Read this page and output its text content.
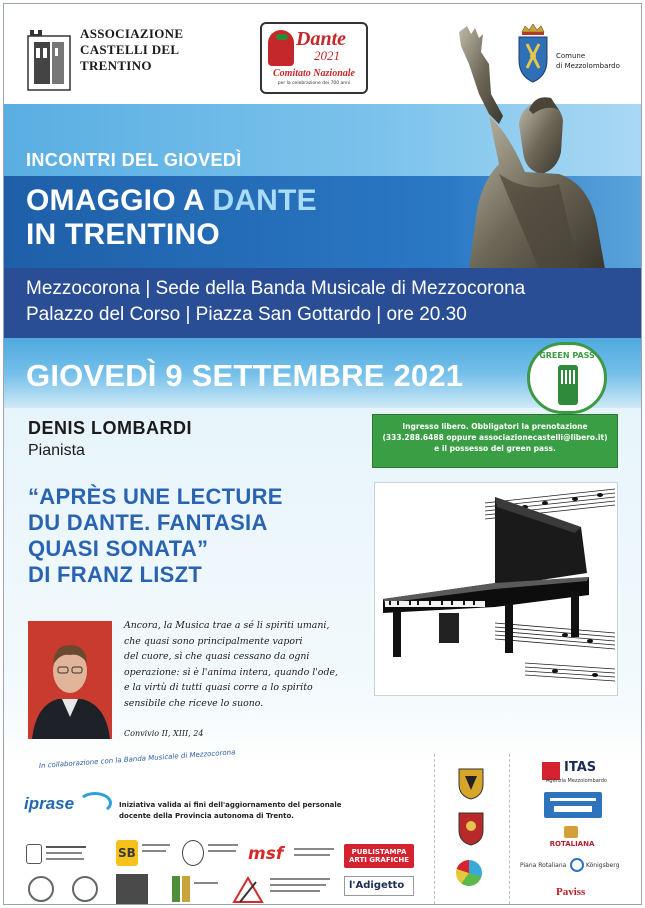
ASSOCIAZIONE
CASTELLI DEL
TRENTINO
Dante
2021
Comitato Nazionale
per la celebrazione dei 700 anni
Comune
di Mezzolombardo
INCONTRI DEL GIOVEDÌ
OMAGGIO A DANTE
IN TRENTINO
Mezzocorona | Sede della Banda Musicale di Mezzocorona
Palazzo del Corso | Piazza San Gottardo | ore 20.30
GIOVEDÌ 9 SETTEMBRE 2021
GREEN PASS
DENIS LOMBARDI
Pianista
Ingresso libero. Obbligatori la prenotazione
(333.288.6488 oppure associazionecastelli@libero.it)
e il possesso del green pass.
“APRÈS UNE LECTURE
DU DANTE. FANTASIA
QUASI SONATA”
DI FRANZ LISZT
Ancora, la Musica trae a sé li spiriti umani,
che quasi sono principalmente vapori
del cuore, sì che quasi cessano da ogni
operazione: sì è l'anima intera, quando l'ode,
e la virtù di tutti quasi corre a lo spirito
sensibile che riceve lo suono.
Convivio II, XIII, 24
In collaborazione con la Banda Musicale di Mezzocorona
iprase	Iniziativa valida ai fini dell'aggiornamento del personale
docente della Provincia autonoma di Trento.
SB	msf	PUBLISTAMPA ARTI GRAFICHE
l'Adigetto
ITAS
Agenzia Mezzolombardo
ROTALIANA
Piana Rotaliana	Königsberg
Paviss
